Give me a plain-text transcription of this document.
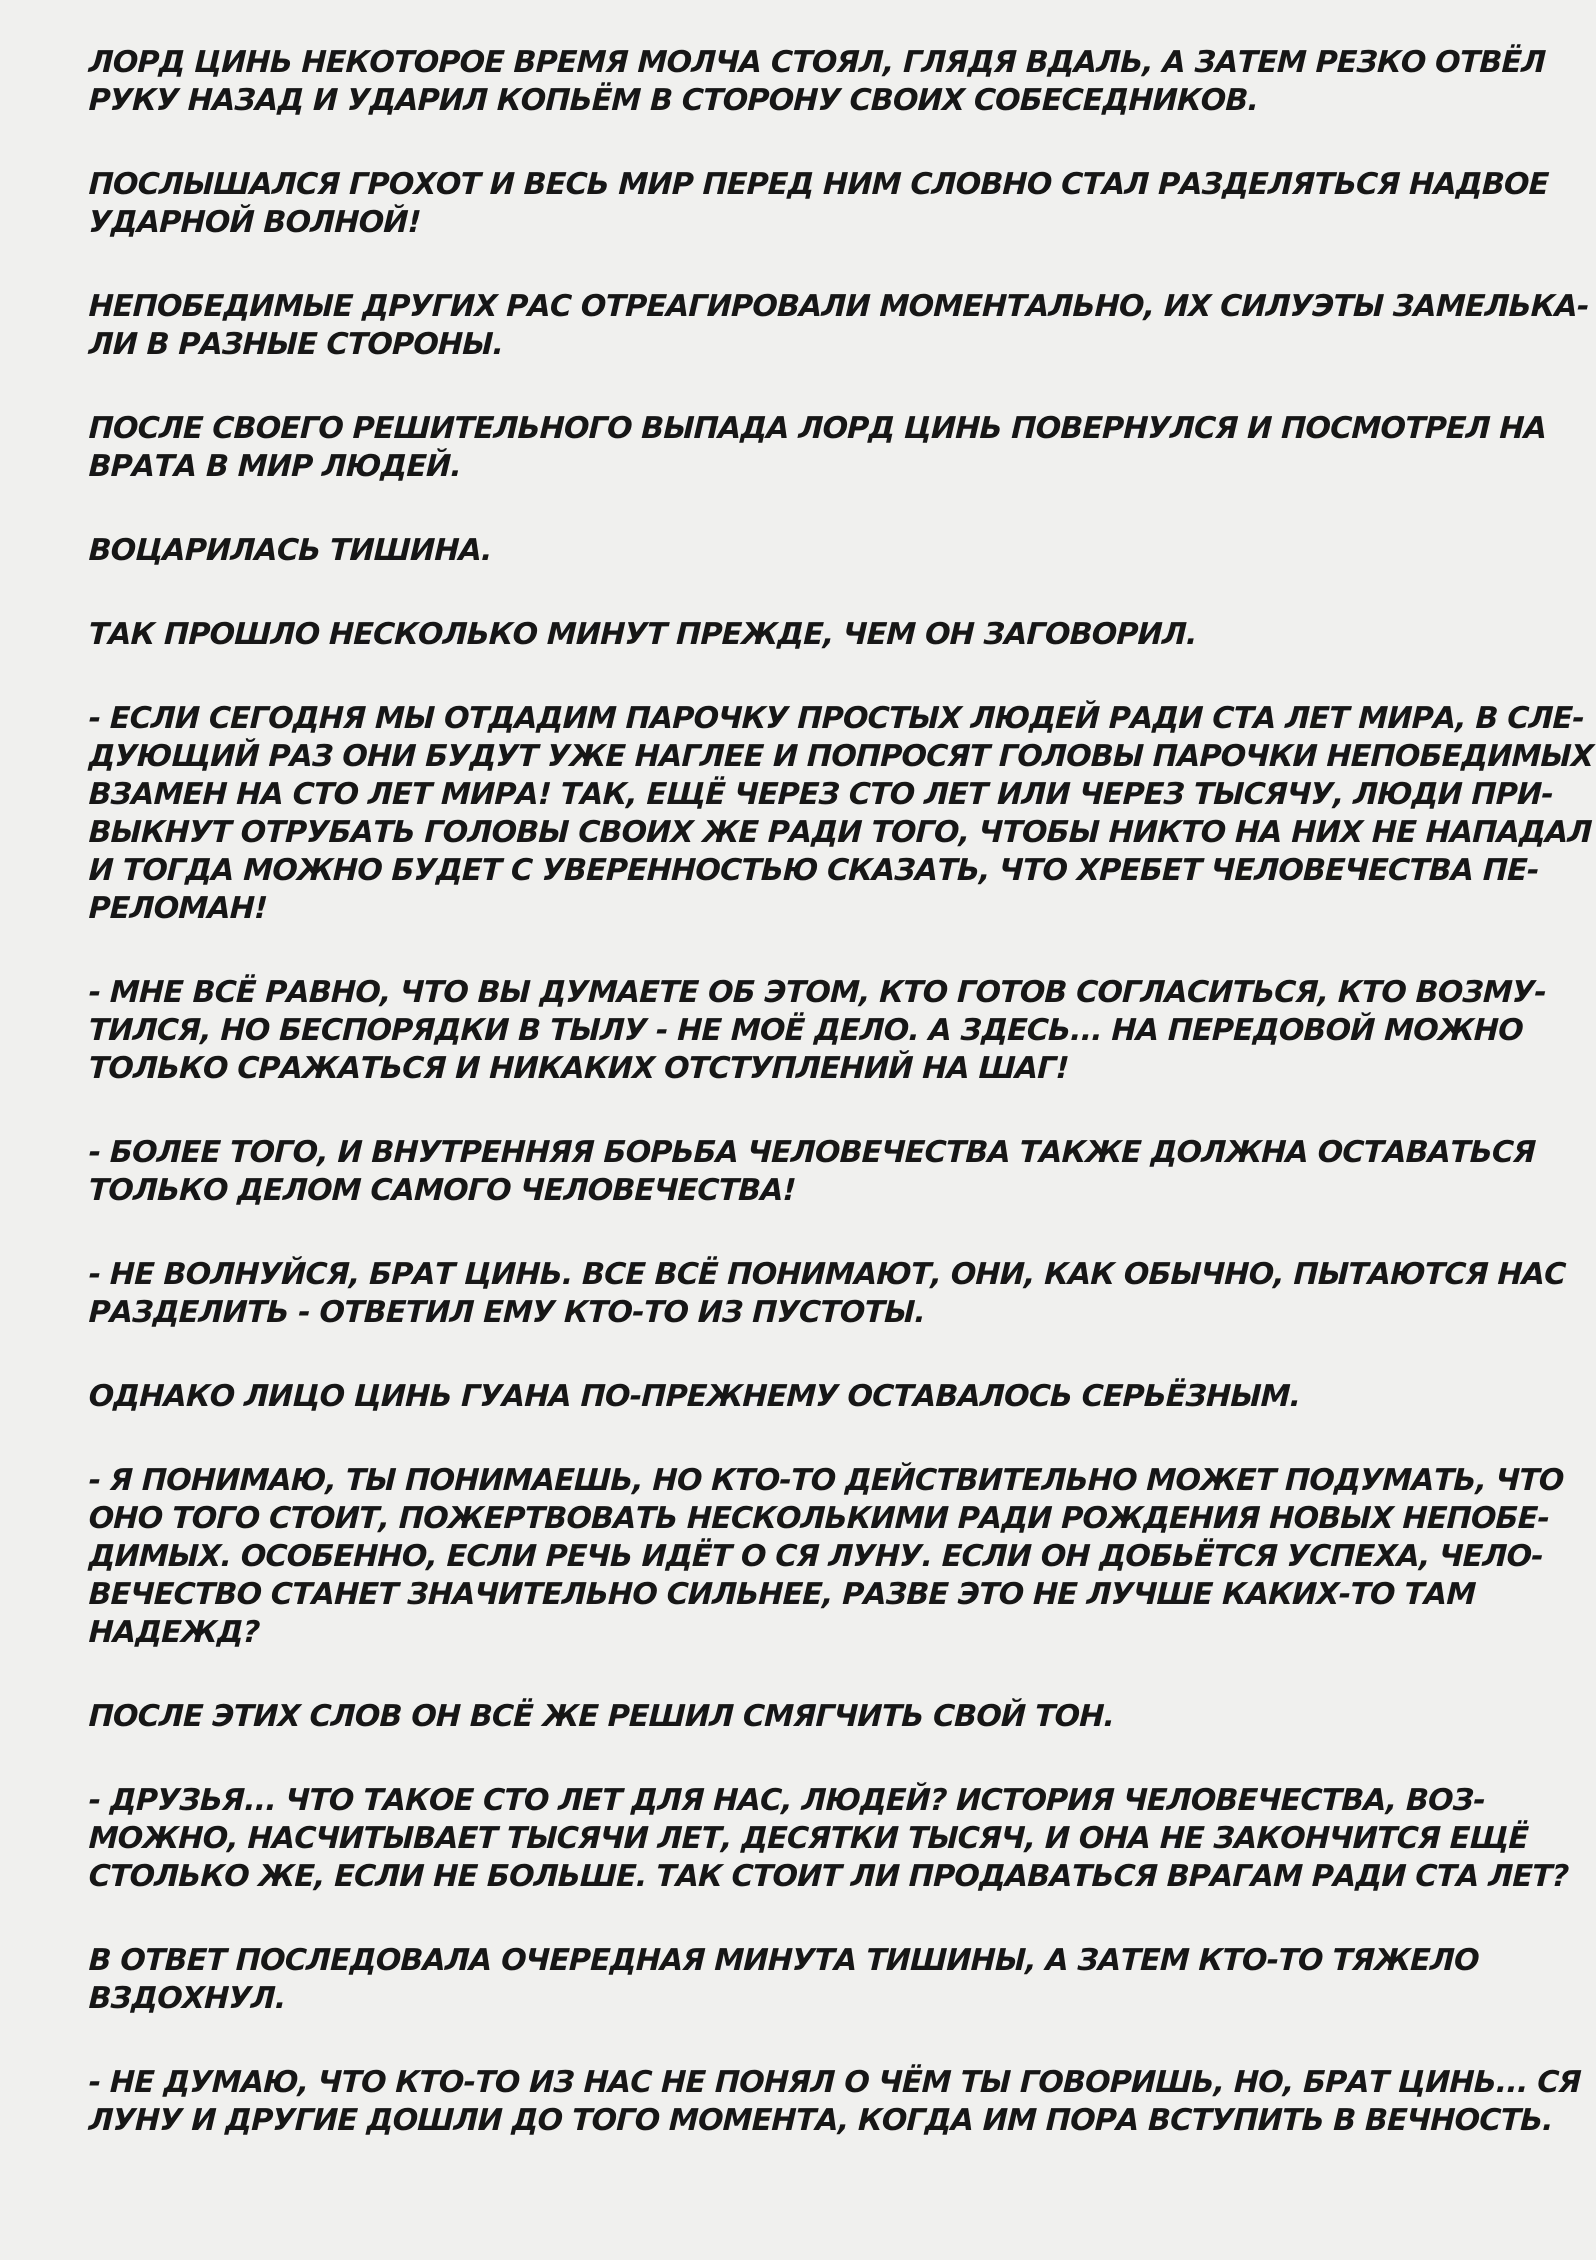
ЛОРД ЦИНЬ НЕКОТОРОЕ ВРЕМЯ МОЛЧА СТОЯЛ, ГЛЯДЯ ВДАЛЬ, А ЗАТЕМ РЕЗКО ОТВЁЛ
РУКУ НАЗАД И УДАРИЛ КОПЬЁМ В СТОРОНУ СВОИХ СОБЕСЕДНИКОВ.
ПОСЛЫШАЛСЯ ГРОХОТ И ВЕСЬ МИР ПЕРЕД НИМ СЛОВНО СТАЛ РАЗДЕЛЯТЬСЯ НАДВОЕ
УДАРНОЙ ВОЛНОЙ!
НЕПОБЕДИМЫЕ ДРУГИХ РАС ОТРЕАГИРОВАЛИ МОМЕНТАЛЬНО, ИХ СИЛУЭТЫ ЗАМЕЛЬКА-
ЛИ В РАЗНЫЕ СТОРОНЫ.
ПОСЛЕ СВОЕГО РЕШИТЕЛЬНОГО ВЫПАДА ЛОРД ЦИНЬ ПОВЕРНУЛСЯ И ПОСМОТРЕЛ НА
ВРАТА В МИР ЛЮДЕЙ.
ВОЦАРИЛАСЬ ТИШИНА.
ТАК ПРОШЛО НЕСКОЛЬКО МИНУТ ПРЕЖДЕ, ЧЕМ ОН ЗАГОВОРИЛ.
- ЕСЛИ СЕГОДНЯ МЫ ОТДАДИМ ПАРОЧКУ ПРОСТЫХ ЛЮДЕЙ РАДИ СТА ЛЕТ МИРА, В СЛЕ-
ДУЮЩИЙ РАЗ ОНИ БУДУТ УЖЕ НАГЛЕЕ И ПОПРОСЯТ ГОЛОВЫ ПАРОЧКИ НЕПОБЕДИМЫХ
ВЗАМЕН НА СТО ЛЕТ МИРА! ТАК, ЕЩЁ ЧЕРЕЗ СТО ЛЕТ ИЛИ ЧЕРЕЗ ТЫСЯЧУ, ЛЮДИ ПРИ-
ВЫКНУТ ОТРУБАТЬ ГОЛОВЫ СВОИХ ЖЕ РАДИ ТОГО, ЧТОБЫ НИКТО НА НИХ НЕ НАПАДАЛ
И ТОГДА МОЖНО БУДЕТ С УВЕРЕННОСТЬЮ СКАЗАТЬ, ЧТО ХРЕБЕТ ЧЕЛОВЕЧЕСТВА ПЕ-
РЕЛОМАН!
- МНЕ ВСЁ РАВНО, ЧТО ВЫ ДУМАЕТЕ ОБ ЭТОМ, КТО ГОТОВ СОГЛАСИТЬСЯ, КТО ВОЗМУ-
ТИЛСЯ, НО БЕСПОРЯДКИ В ТЫЛУ - НЕ МОЁ ДЕЛО. А ЗДЕСЬ... НА ПЕРЕДОВОЙ МОЖНО
ТОЛЬКО СРАЖАТЬСЯ И НИКАКИХ ОТСТУПЛЕНИЙ НА ШАГ!
- БОЛЕЕ ТОГО, И ВНУТРЕННЯЯ БОРЬБА ЧЕЛОВЕЧЕСТВА ТАКЖЕ ДОЛЖНА ОСТАВАТЬСЯ
ТОЛЬКО ДЕЛОМ САМОГО ЧЕЛОВЕЧЕСТВА!
- НЕ ВОЛНУЙСЯ, БРАТ ЦИНЬ. ВСЕ ВСЁ ПОНИМАЮТ, ОНИ, КАК ОБЫЧНО, ПЫТАЮТСЯ НАС
РАЗДЕЛИТЬ - ОТВЕТИЛ ЕМУ КТО-ТО ИЗ ПУСТОТЫ.
ОДНАКО ЛИЦО ЦИНЬ ГУАНА ПО-ПРЕЖНЕМУ ОСТАВАЛОСЬ СЕРЬЁЗНЫМ.
- Я ПОНИМАЮ, ТЫ ПОНИМАЕШЬ, НО КТО-ТО ДЕЙСТВИТЕЛЬНО МОЖЕТ ПОДУМАТЬ, ЧТО
ОНО ТОГО СТОИТ, ПОЖЕРТВОВАТЬ НЕСКОЛЬКИМИ РАДИ РОЖДЕНИЯ НОВЫХ НЕПОБЕ-
ДИМЫХ. ОСОБЕННО, ЕСЛИ РЕЧЬ ИДЁТ О СЯ ЛУНУ. ЕСЛИ ОН ДОБЬЁТСЯ УСПЕХА, ЧЕЛО-
ВЕЧЕСТВО СТАНЕТ ЗНАЧИТЕЛЬНО СИЛЬНЕЕ, РАЗВЕ ЭТО НЕ ЛУЧШЕ КАКИХ-ТО ТАМ
НАДЕЖД?
ПОСЛЕ ЭТИХ СЛОВ ОН ВСЁ ЖЕ РЕШИЛ СМЯГЧИТЬ СВОЙ ТОН.
- ДРУЗЬЯ... ЧТО ТАКОЕ СТО ЛЕТ ДЛЯ НАС, ЛЮДЕЙ? ИСТОРИЯ ЧЕЛОВЕЧЕСТВА, ВОЗ-
МОЖНО, НАСЧИТЫВАЕТ ТЫСЯЧИ ЛЕТ, ДЕСЯТКИ ТЫСЯЧ, И ОНА НЕ ЗАКОНЧИТСЯ ЕЩЁ
СТОЛЬКО ЖЕ, ЕСЛИ НЕ БОЛЬШЕ. ТАК СТОИТ ЛИ ПРОДАВАТЬСЯ ВРАГАМ РАДИ СТА ЛЕТ?
В ОТВЕТ ПОСЛЕДОВАЛА ОЧЕРЕДНАЯ МИНУТА ТИШИНЫ, А ЗАТЕМ КТО-ТО ТЯЖЕЛО
ВЗДОХНУЛ.
- НЕ ДУМАЮ, ЧТО КТО-ТО ИЗ НАС НЕ ПОНЯЛ О ЧЁМ ТЫ ГОВОРИШЬ, НО, БРАТ ЦИНЬ... СЯ
ЛУНУ И ДРУГИЕ ДОШЛИ ДО ТОГО МОМЕНТА, КОГДА ИМ ПОРА ВСТУПИТЬ В ВЕЧНОСТЬ.
